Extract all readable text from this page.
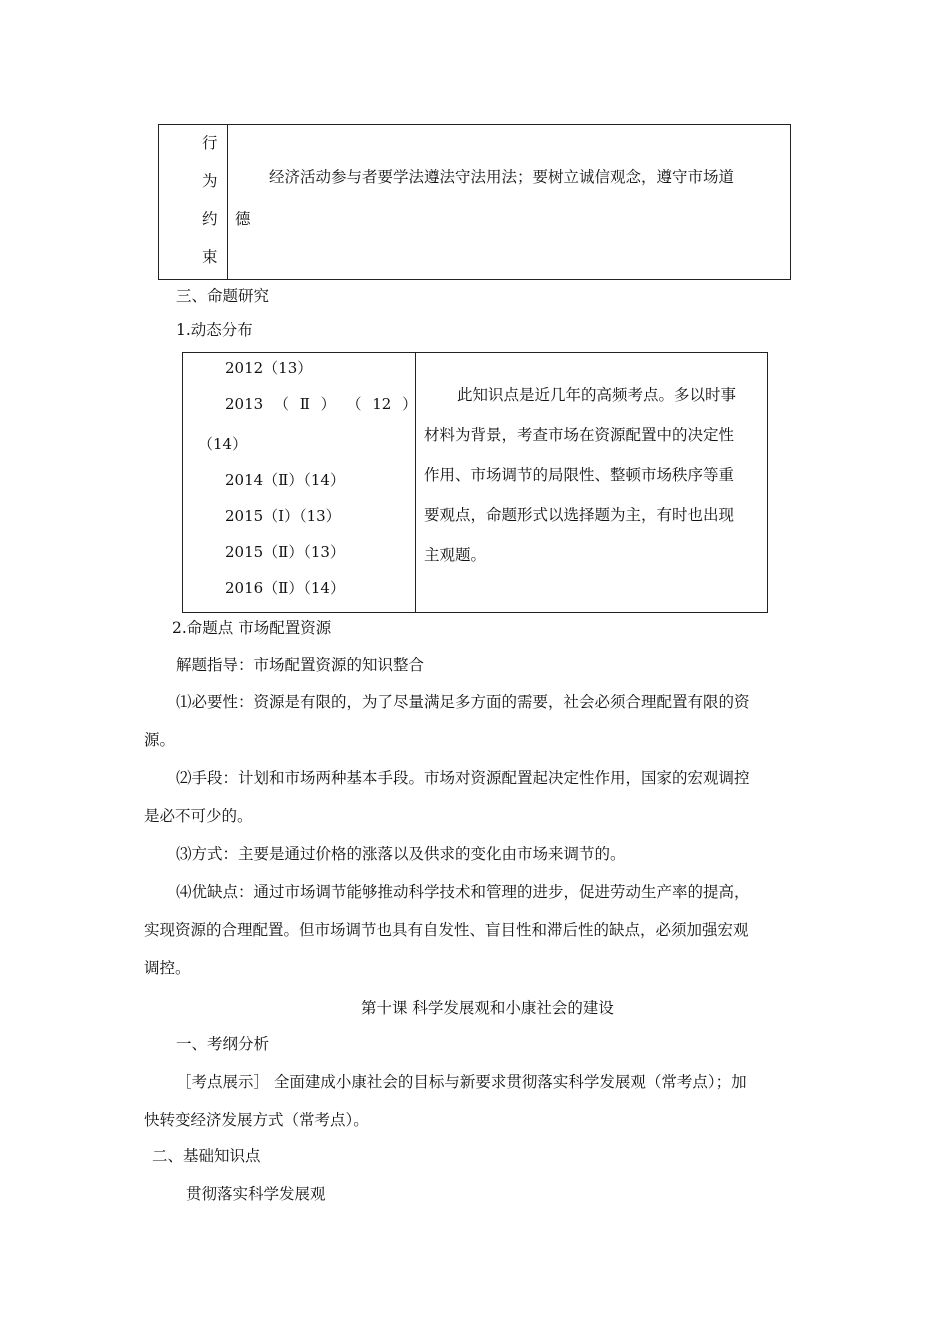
行
为
约
束
经济活动参与者要学法遵法守法用法；要树立诚信观念，遵守市场道
德
三、命题研究
1.动态分布
2012（13）
2013 （ Ⅱ ） （ 12 ）
（14）
2014（Ⅱ）（14）
2015（Ⅰ）（13）
2015（Ⅱ）（13）
2016（Ⅱ）（14）
此知识点是近几年的高频考点。多以时事
材料为背景，考查市场在资源配置中的决定性
作用、市场调节的局限性、整顿市场秩序等重
要观点，命题形式以选择题为主，有时也出现
主观题。
2.命题点 市场配置资源
解题指导：市场配置资源的知识整合
⑴必要性：资源是有限的，为了尽量满足多方面的需要，社会必须合理配置有限的资
源。
⑵手段：计划和市场两种基本手段。市场对资源配置起决定性作用，国家的宏观调控
是必不可少的。
⑶方式：主要是通过价格的涨落以及供求的变化由市场来调节的。
⑷优缺点：通过市场调节能够推动科学技术和管理的进步，促进劳动生产率的提高，
实现资源的合理配置。但市场调节也具有自发性、盲目性和滞后性的缺点，必须加强宏观
调控。
第十课 科学发展观和小康社会的建设
一、考纲分析
［考点展示］ 全面建成小康社会的目标与新要求贯彻落实科学发展观（常考点）；加
快转变经济发展方式（常考点）。
二、基础知识点
贯彻落实科学发展观
